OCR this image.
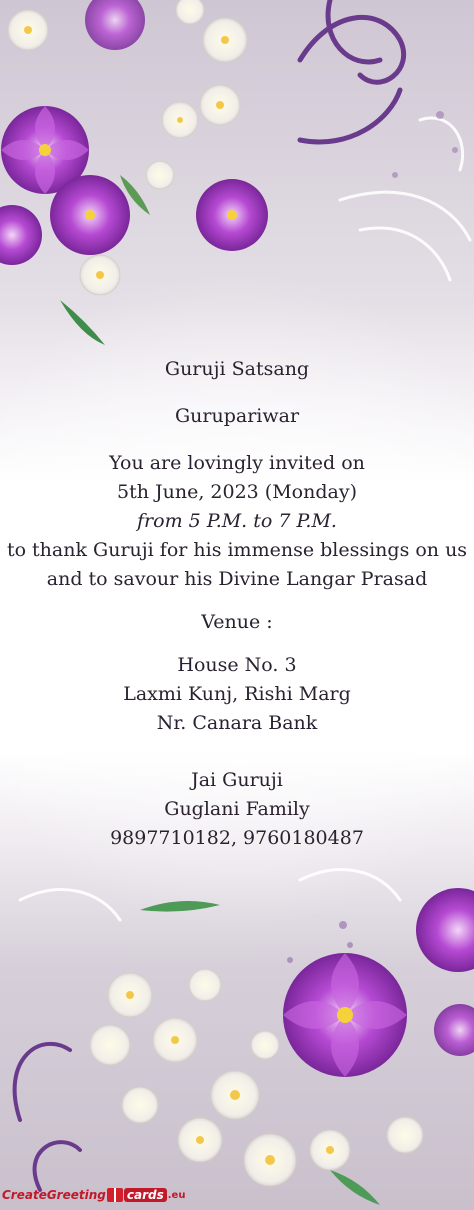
Guruji Satsang
Gurupariwar
You are lovingly invited on
5th June, 2023 (Monday)
from 5 P.M. to 7 P.M.
to thank Guruji for his immense blessings on us
and to savour his Divine Langar Prasad
Venue :
House No. 3
Laxmi Kunj, Rishi Marg
Nr. Canara Bank
Jai Guruji
Guglani Family
9897710182, 9760180487
CreateGreeting cards .eu
